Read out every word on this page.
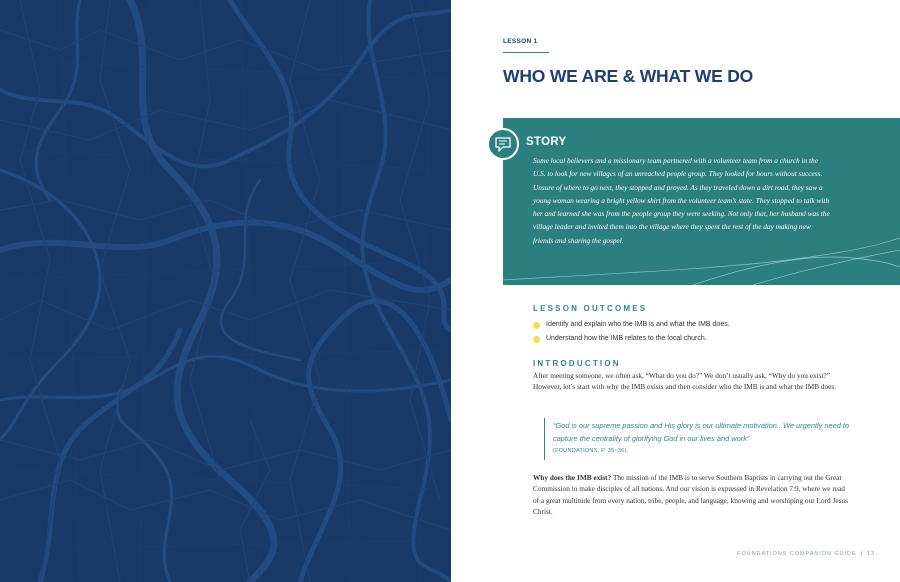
LESSON 1
WHO WE ARE & WHAT WE DO
STORY
Some local believers and a missionary team partnered with a volunteer team from a church in the U.S. to look for new villages of an unreached people group. They looked for hours without success. Unsure of where to go next, they stopped and prayed. As they traveled down a dirt road, they saw a young woman wearing a bright yellow shirt from the volunteer team’s state. They stopped to talk with her and learned she was from the people group they were seeking. Not only that, her husband was the village leader and invited them into the village where they spent the rest of the day making new friends and sharing the gospel.
LESSON OUTCOMES
Identify and explain who the IMB is and what the IMB does.
Understand how the IMB relates to the local church.
INTRODUCTION
After meeting someone, we often ask, “What do you do?” We don’t usually ask, “Why do you exist?” However, let’s start with why the IMB exists and then consider who the IMB is and what the IMB does.
“God is our supreme passion and His glory is our ultimate motivation...We urgently need to capture the centrality of glorifying God in our lives and work”
(FOUNDATIONS, P. 35–36).
Why does the IMB exist? The mission of the IMB is to serve Southern Baptists in carrying out the Great Commission to make disciples of all nations. And our vision is expressed in Revelation 7:9, where we read of a great multitude from every nation, tribe, people, and language, knowing and worshiping our Lord Jesus Christ.
FOUNDATIONS COMPANION GUIDE | 13
